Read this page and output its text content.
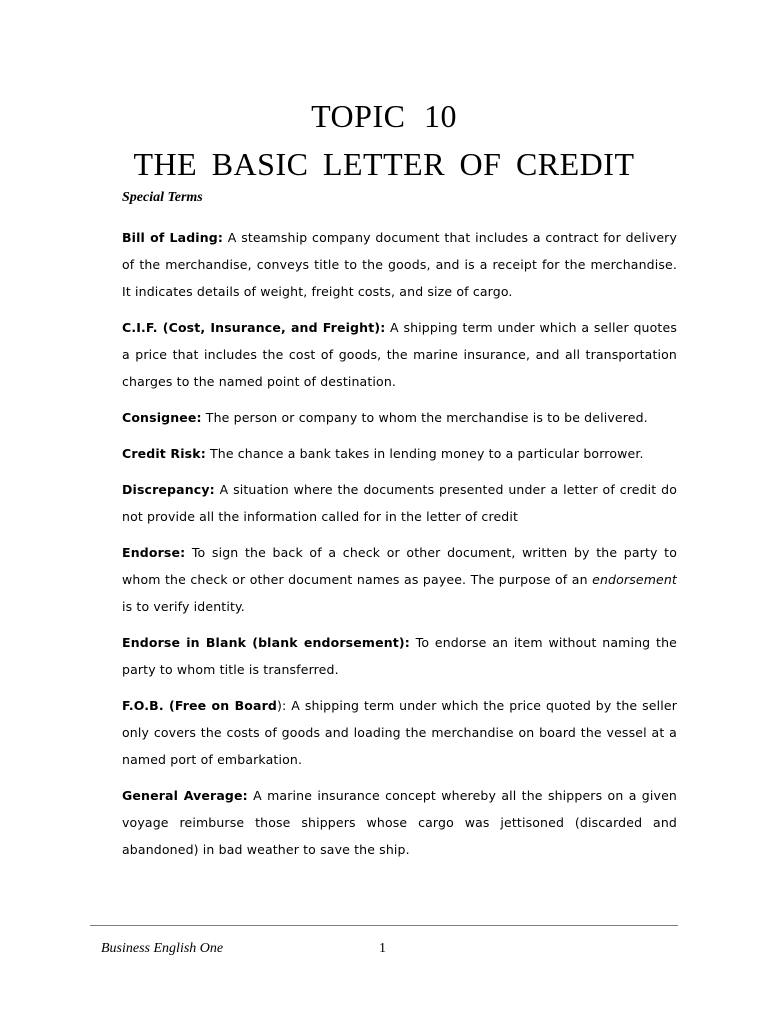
TOPIC 10
THE BASIC LETTER OF CREDIT
Special Terms

Bill of Lading: A steamship company document that includes a contract for delivery of the merchandise, conveys title to the goods, and is a receipt for the merchandise. It indicates details of weight, freight costs, and size of cargo.

C.I.F. (Cost, Insurance, and Freight): A shipping term under which a seller quotes a price that includes the cost of goods, the marine insurance, and all transportation charges to the named point of destination.

Consignee: The person or company to whom the merchandise is to be delivered.

Credit Risk: The chance a bank takes in lending money to a particular borrower.

Discrepancy: A situation where the documents presented under a letter of credit do not provide all the information called for in the letter of credit

Endorse: To sign the back of a check or other document, written by the party to whom the check or other document names as payee. The purpose of an endorsement is to verify identity.

Endorse in Blank (blank endorsement): To endorse an item without naming the party to whom title is transferred.

F.O.B. (Free on Board): A shipping term under which the price quoted by the seller only covers the costs of goods and loading the merchandise on board the vessel at a named port of embarkation.

General Average: A marine insurance concept whereby all the shippers on a given voyage reimburse those shippers whose cargo was jettisoned (discarded and abandoned) in bad weather to save the ship.

Business English One	1
